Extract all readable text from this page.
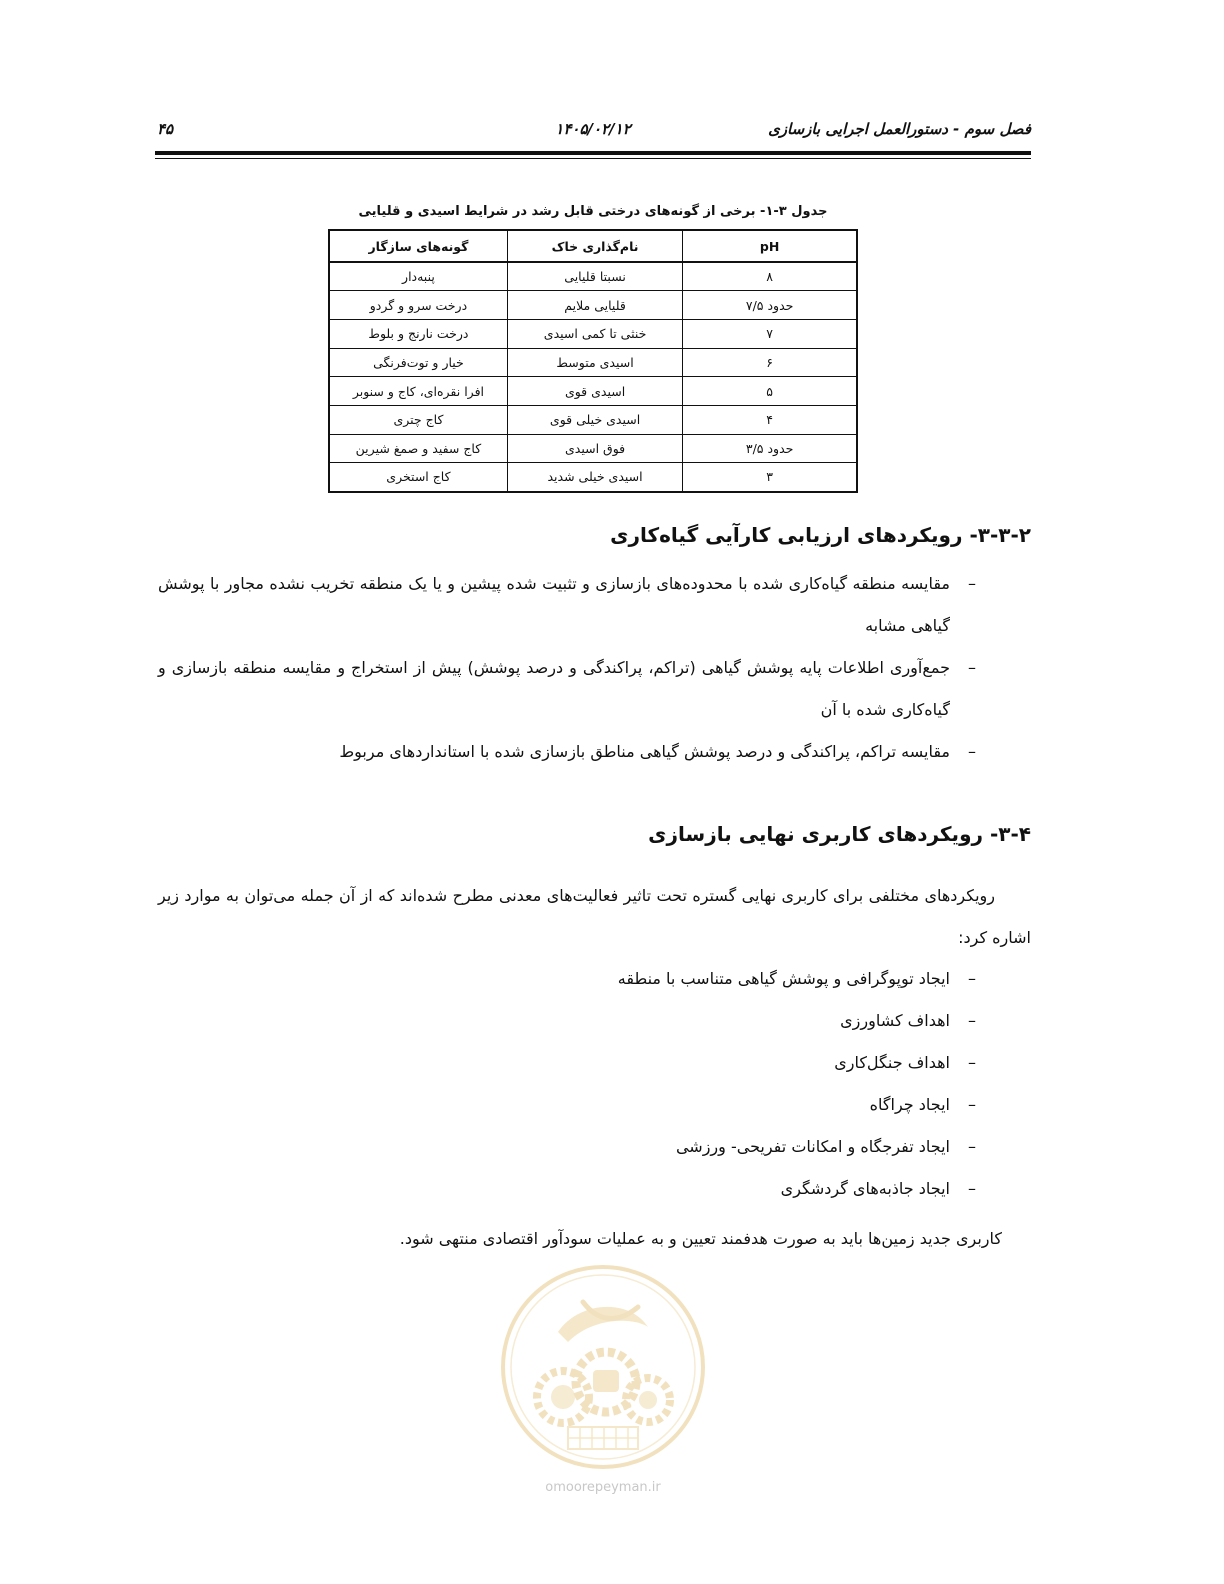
فصل سوم - دستورالعمل اجرایی بازسازی
۱۴۰۵/۰۲/۱۲
۴۵
جدول ۳-۱- برخی از گونه‌های درختی قابل رشد در شرایط اسیدی و قلیایی
pH	نام‌گذاری خاک	گونه‌های سازگار
۸	نسبتا قلیایی	پنبه‌دار
حدود ۷/۵	قلیایی ملایم	درخت سرو و گردو
۷	خنثی تا کمی اسیدی	درخت نارنج و بلوط
۶	اسیدی متوسط	خیار و توت‌فرنگی
۵	اسیدی قوی	افرا نقره‌ای، کاج و سنوبر
۴	اسیدی خیلی قوی	کاج چتری
حدود ۳/۵	فوق اسیدی	کاج سفید و صمغ شیرین
۳	اسیدی خیلی شدید	کاج استخری
۳-۳-۲- رویکردهای ارزیابی کارآیی گیاه‌کاری
–
مقایسه منطقه گیاه‌کاری شده با محدوده‌های بازسازی و تثبیت شده پیشین و یا یک منطقه تخریب نشده مجاور با پوشش گیاهی مشابه
–
جمع‌آوری اطلاعات پایه پوشش گیاهی (تراکم، پراکندگی و درصد پوشش) پیش از استخراج و مقایسه منطقه بازسازی و گیاه‌کاری شده با آن
–
مقایسه تراکم، پراکندگی و درصد پوشش گیاهی مناطق بازسازی شده با استانداردهای مربوط
۳-۴- رویکردهای کاربری نهایی بازسازی

رویکردهای مختلفی برای کاربری نهایی گستره تحت تاثیر فعالیت‌های معدنی مطرح شده‌اند که از آن جمله می‌توان به موارد زیر اشاره کرد:

–
ایجاد توپوگرافی و پوشش گیاهی متناسب با منطقه
–
اهداف کشاورزی
–
اهداف جنگل‌کاری
–
ایجاد چراگاه
–
ایجاد تفرجگاه و امکانات تفریحی- ورزشی
–
ایجاد جاذبه‌های گردشگری

کاربری جدید زمین‌ها باید به صورت هدفمند تعیین و به عملیات سودآور اقتصادی منتهی شود.

omoorepeyman.ir
